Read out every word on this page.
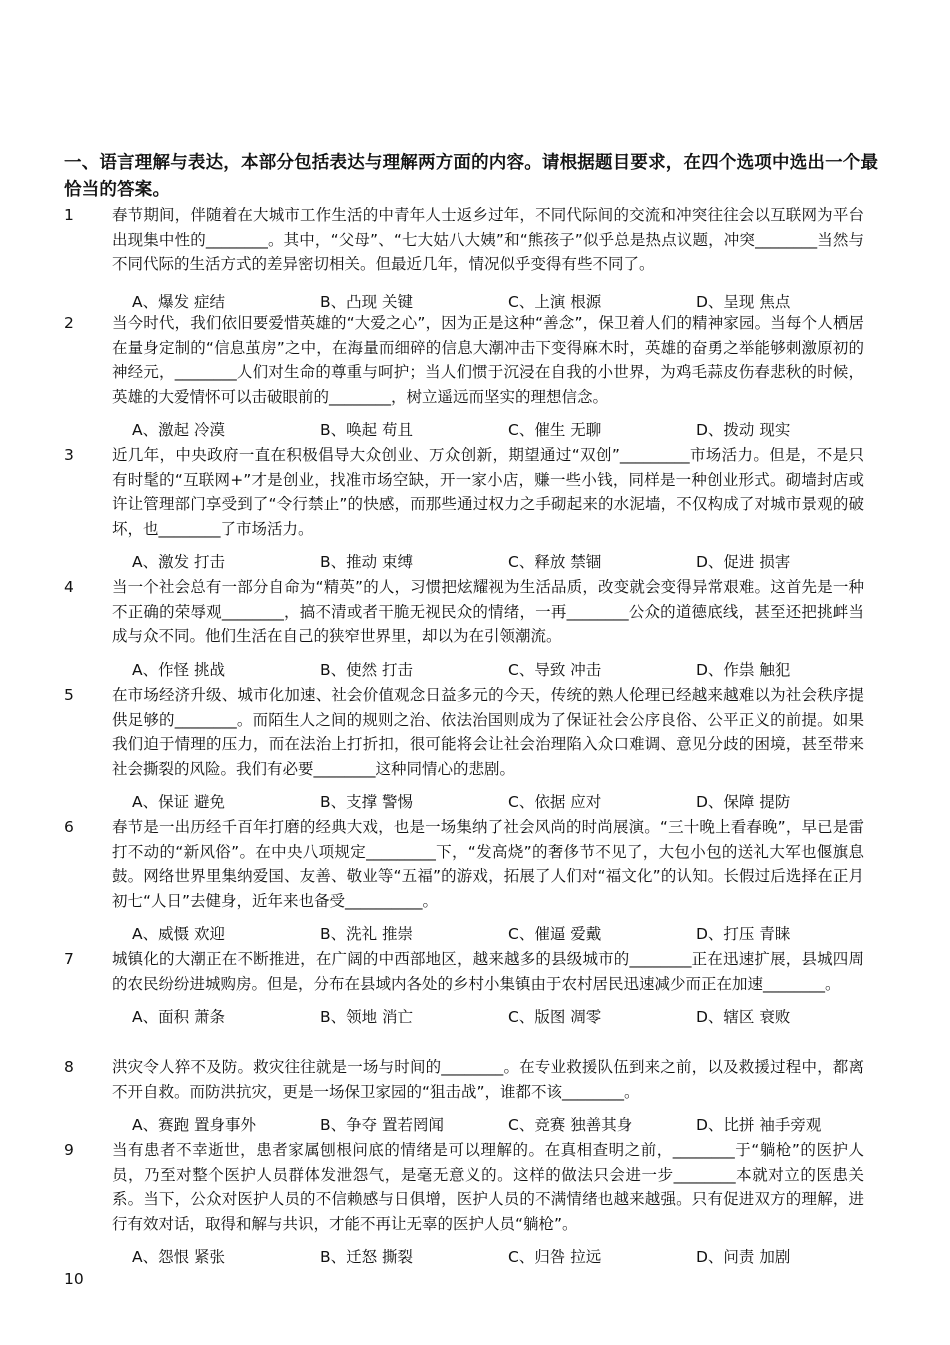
一、语言理解与表达，本部分包括表达与理解两方面的内容。请根据题目要求，在四个选项中选出一个最恰当的答案。
1 春节期间，伴随着在大城市工作生活的中青年人士返乡过年，不同代际间的交流和冲突往往会以互联网为平台出现集中性的________。其中，“父母”、“七大姑八大姨”和“熊孩子”似乎总是热点议题，冲突________当然与不同代际的生活方式的差异密切相关。但最近几年，情况似乎变得有些不同了。
A、爆发 症结	B、凸现 关键	C、上演 根源	D、呈现 焦点
2 当今时代，我们依旧要爱惜英雄的“大爱之心”，因为正是这种“善念”，保卫着人们的精神家园。当每个人栖居在量身定制的“信息茧房”之中，在海量而细碎的信息大潮冲击下变得麻木时，英雄的奋勇之举能够刺激原初的神经元，________人们对生命的尊重与呵护；当人们惯于沉浸在自我的小世界，为鸡毛蒜皮伤春悲秋的时候，英雄的大爱情怀可以击破眼前的________，树立遥远而坚实的理想信念。
A、激起 冷漠	B、唤起 苟且	C、催生 无聊	D、拨动 现实
3 近几年，中央政府一直在积极倡导大众创业、万众创新，期望通过“双创”_________市场活力。但是，不是只有时髦的“互联网+”才是创业，找准市场空缺，开一家小店，赚一些小钱，同样是一种创业形式。砌墙封店或许让管理部门享受到了“令行禁止”的快感，而那些通过权力之手砌起来的水泥墙，不仅构成了对城市景观的破坏，也________了市场活力。
A、激发 打击	B、推动 束缚	C、释放 禁锢	D、促进 损害
4 当一个社会总有一部分自命为“精英”的人，习惯把炫耀视为生活品质，改变就会变得异常艰难。这首先是一种不正确的荣辱观________，搞不清或者干脆无视民众的情绪，一再________公众的道德底线，甚至还把挑衅当成与众不同。他们生活在自己的狭窄世界里，却以为在引领潮流。
A、作怪 挑战	B、使然 打击	C、导致 冲击	D、作祟 触犯
5 在市场经济升级、城市化加速、社会价值观念日益多元的今天，传统的熟人伦理已经越来越难以为社会秩序提供足够的________。而陌生人之间的规则之治、依法治国则成为了保证社会公序良俗、公平正义的前提。如果我们迫于情理的压力，而在法治上打折扣，很可能将会让社会治理陷入众口难调、意见分歧的困境，甚至带来社会撕裂的风险。我们有必要________这种同情心的悲剧。
A、保证 避免	B、支撑 警惕	C、依据 应对	D、保障 提防
6 春节是一出历经千百年打磨的经典大戏，也是一场集纳了社会风尚的时尚展演。“三十晚上看春晚”，早已是雷打不动的“新风俗”。在中央八项规定_________下，“发高烧”的奢侈节不见了，大包小包的送礼大军也偃旗息鼓。网络世界里集纳爱国、友善、敬业等“五福”的游戏，拓展了人们对“福文化”的认知。长假过后选择在正月初七“人日”去健身，近年来也备受__________。
A、威慑 欢迎	B、洗礼 推崇	C、催逼 爱戴	D、打压 青睐
7 城镇化的大潮正在不断推进，在广阔的中西部地区，越来越多的县级城市的________正在迅速扩展，县城四周的农民纷纷进城购房。但是，分布在县域内各处的乡村小集镇由于农村居民迅速减少而正在加速________。
A、面积 萧条	B、领地 消亡	C、版图 凋零	D、辖区 衰败
8 洪灾令人猝不及防。救灾往往就是一场与时间的________。在专业救援队伍到来之前，以及救援过程中，都离不开自救。而防洪抗灾，更是一场保卫家园的“狙击战”，谁都不该________。
A、赛跑 置身事外	B、争夺 置若罔闻	C、竞赛 独善其身	D、比拼 袖手旁观
9 当有患者不幸逝世，患者家属刨根问底的情绪是可以理解的。在真相查明之前，________于“躺枪”的医护人员，乃至对整个医护人员群体发泄怨气，是毫无意义的。这样的做法只会进一步________本就对立的医患关系。当下，公众对医护人员的不信赖感与日俱增，医护人员的不满情绪也越来越强。只有促进双方的理解，进行有效对话，取得和解与共识，才能不再让无辜的医护人员“躺枪”。
A、怨恨 紧张	B、迁怒 撕裂	C、归咎 拉远	D、问责 加剧
10
